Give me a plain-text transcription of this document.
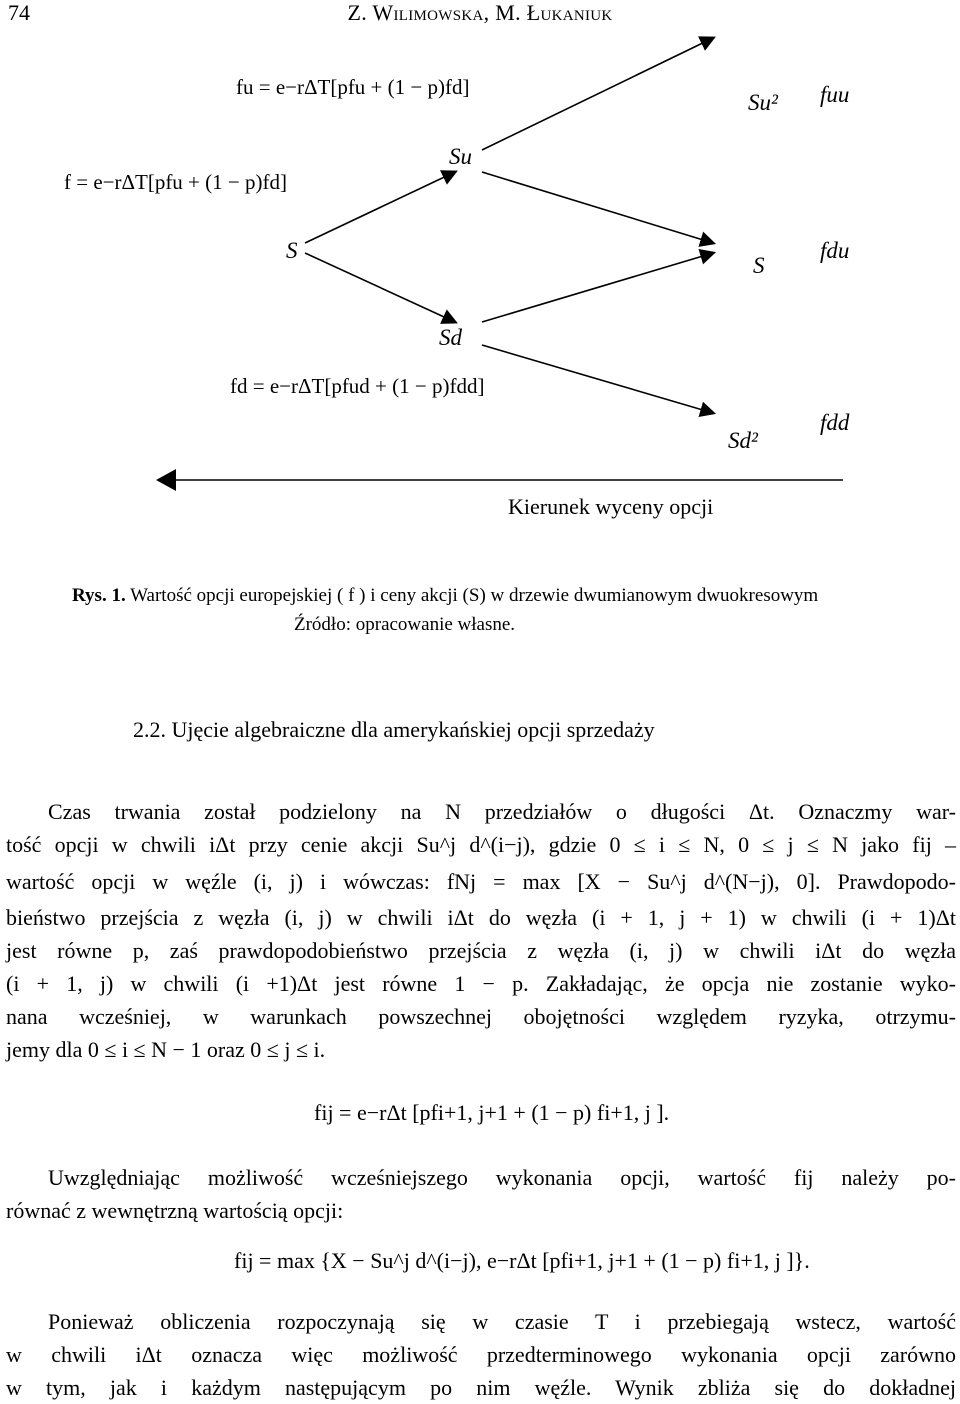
74	Z. Wilimowska, M. Łukaniuk
Su²
Su
S
S
Sd
Sd²
fuu
fdu
fdd
fu = e−rΔT[pfu + (1 − p)fd]
f = e−rΔT[pfu + (1 − p)fd]
fd = e−rΔT[pfud + (1 − p)fdd]
Kierunek wyceny opcji
Rys. 1. Wartość opcji europejskiej ( f ) i ceny akcji (S) w drzewie dwumianowym dwuokresowym
Źródło: opracowanie własne.
2.2. Ujęcie algebraiczne dla amerykańskiej opcji sprzedaży
Czas trwania został podzielony na N przedziałów o długości Δt. Oznaczmy war-
tość opcji w chwili iΔt przy cenie akcji Su^j d^(i−j), gdzie 0 ≤ i ≤ N, 0 ≤ j ≤ N jako fij –
wartość opcji w węźle (i, j) i wówczas: fNj = max [X − Su^j d^(N−j), 0]. Prawdopodo-
bieństwo przejścia z węzła (i, j) w chwili iΔt do węzła (i + 1, j + 1) w chwili (i + 1)Δt
jest równe p, zaś prawdopodobieństwo przejścia z węzła (i, j) w chwili iΔt do węzła
(i + 1, j) w chwili (i +1)Δt jest równe 1 − p. Zakładając, że opcja nie zostanie wyko-
nana wcześniej, w warunkach powszechnej obojętności względem ryzyka, otrzymu-
jemy dla 0 ≤ i ≤ N − 1 oraz 0 ≤ j ≤ i.
fij = e−rΔt [pfi+1, j+1 + (1 − p) fi+1, j ].
Uwzględniając możliwość wcześniejszego wykonania opcji, wartość fij należy po-
równać z wewnętrzną wartością opcji:
fij = max {X − Su^j d^(i−j), e−rΔt [pfi+1, j+1 + (1 − p) fi+1, j ]}.
Ponieważ obliczenia rozpoczynają się w czasie T i przebiegają wstecz, wartość
w chwili iΔt oznacza więc możliwość przedterminowego wykonania opcji zarówno
w tym, jak i każdym następującym po nim węźle. Wynik zbliża się do dokładnej
